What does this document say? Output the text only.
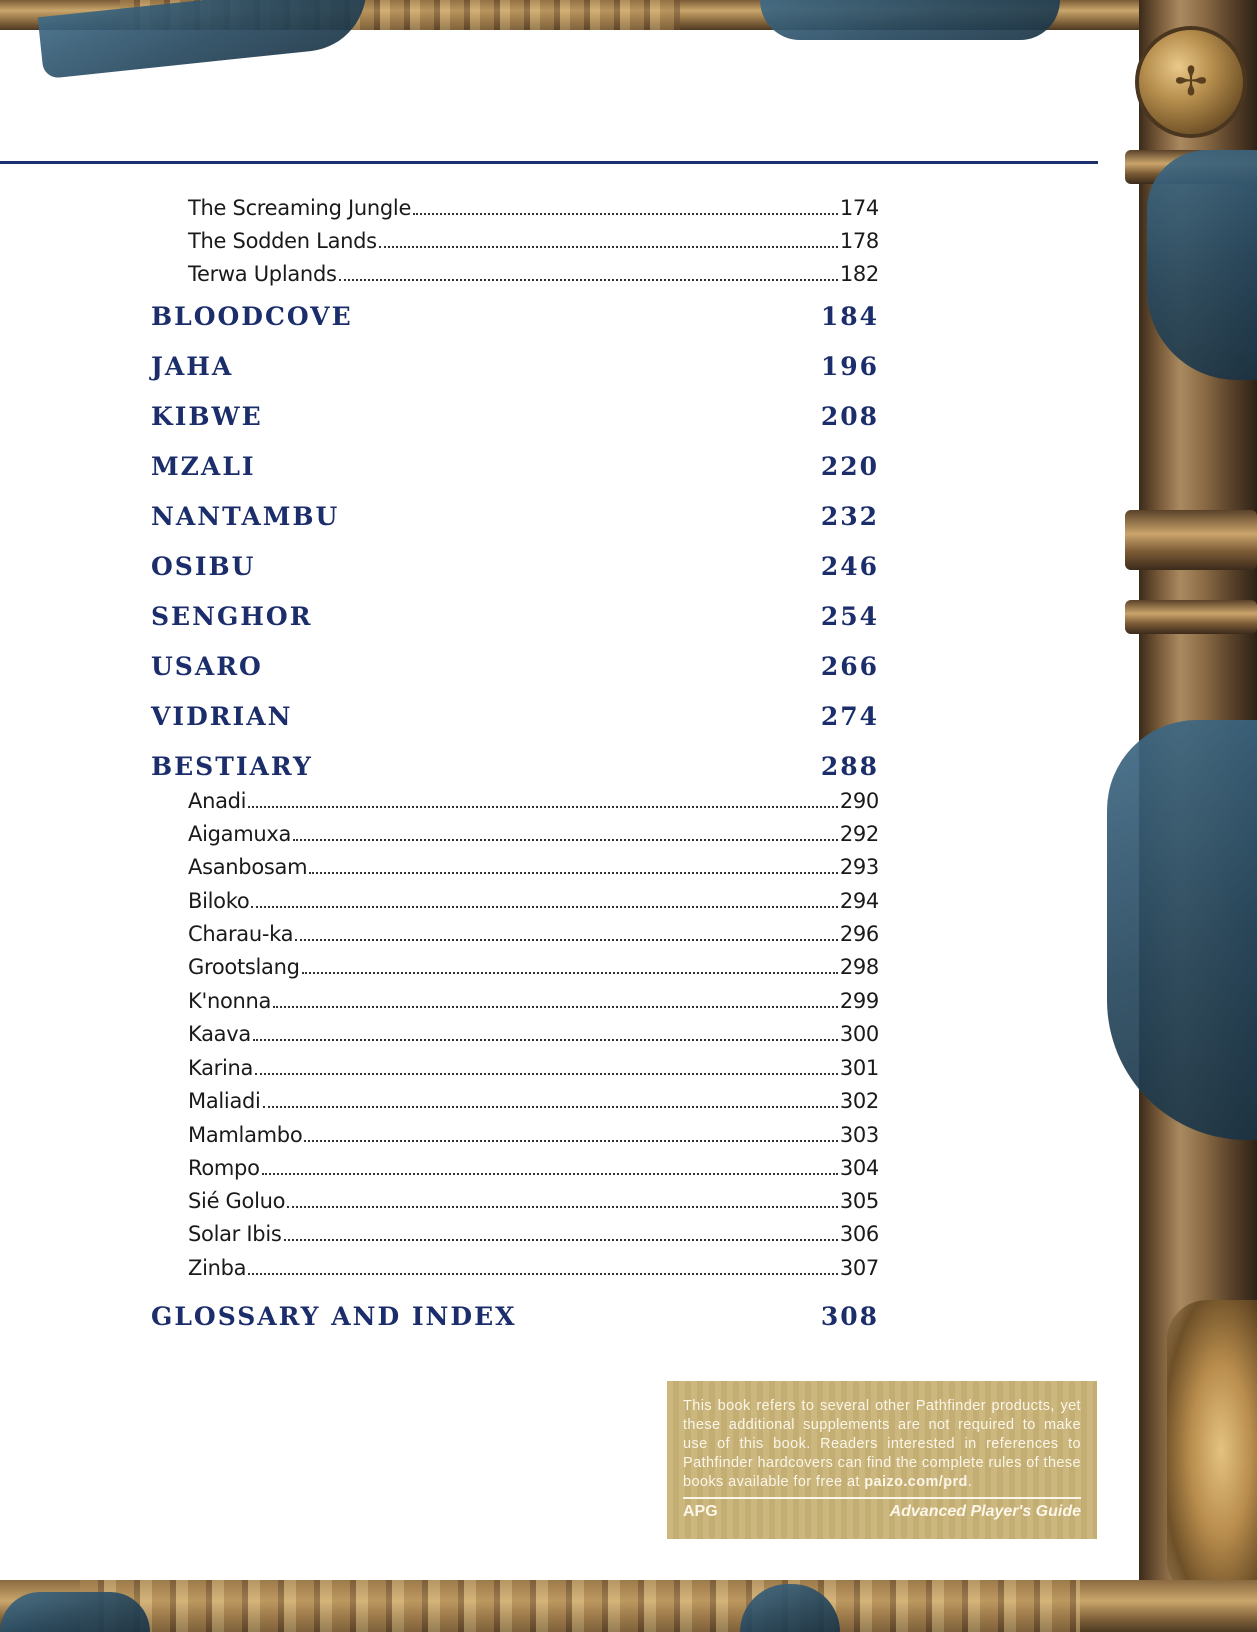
✢
The Screaming Jungle	174
The Sodden Lands	178
Terwa Uplands	182
BLOODCOVE	184
JAHA	196
KIBWE	208
MZALI	220
NANTAMBU	232
OSIBU	246
SENGHOR	254
USARO	266
VIDRIAN	274
BESTIARY	288
Anadi	290
Aigamuxa	292
Asanbosam	293
Biloko	294
Charau-ka	296
Grootslang	298
K'nonna	299
Kaava	300
Karina	301
Maliadi	302
Mamlambo	303
Rompo	304
Sié Goluo	305
Solar Ibis	306
Zinba	307
GLOSSARY AND INDEX	308
This book refers to several other Pathfinder products, yet these additional supplements are not required to make use of this book. Readers interested in references to Pathfinder hardcovers can find the complete rules of these books available for free at paizo.com/prd.
APG	Advanced Player's Guide
